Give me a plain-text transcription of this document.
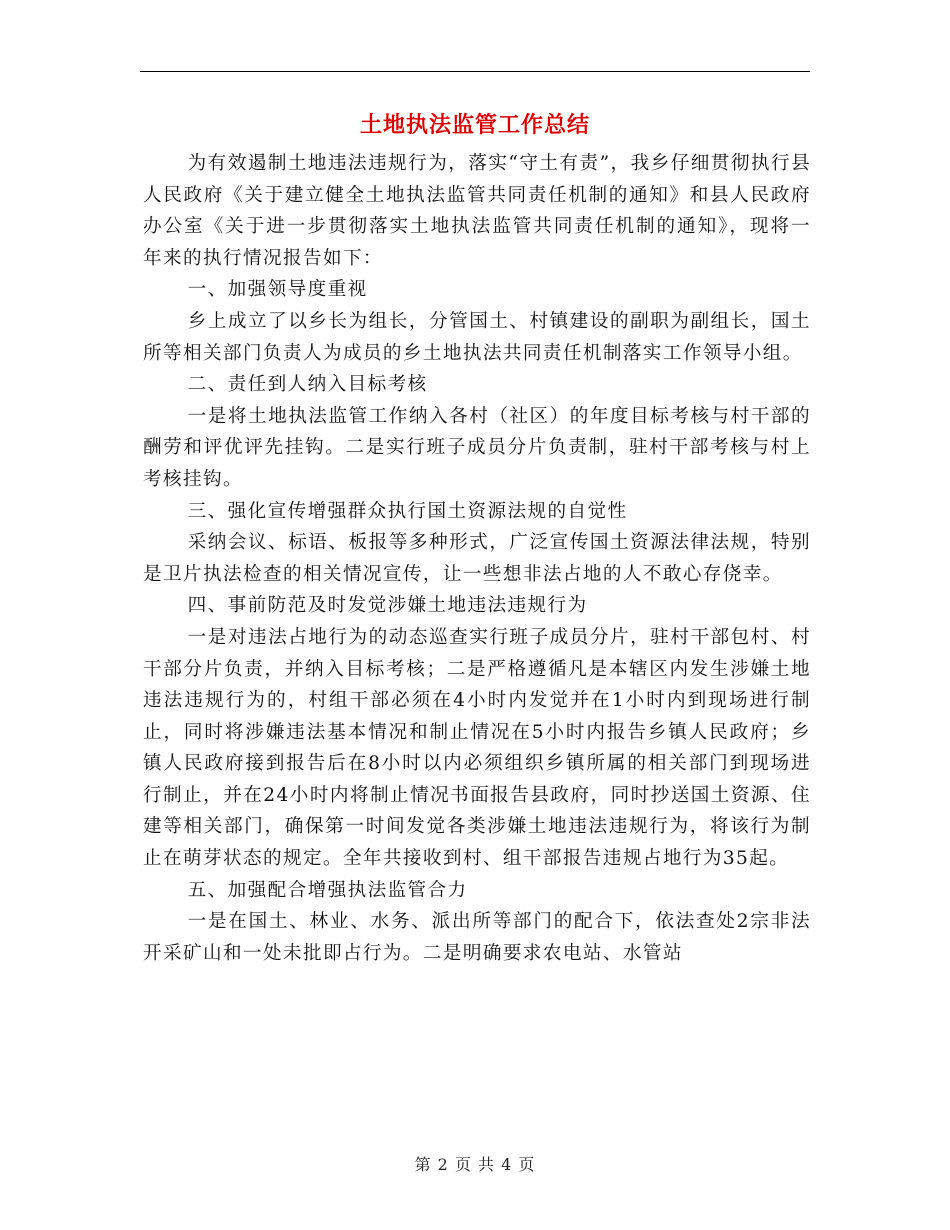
土地执法监管工作总结

为有效遏制土地违法违规行为，落实“守土有责”，我乡仔细贯彻执行县人民政府《关于建立健全土地执法监管共同责任机制的通知》和县人民政府办公室《关于进一步贯彻落实土地执法监管共同责任机制的通知》，现将一年来的执行情况报告如下：

一、加强领导度重视

乡上成立了以乡长为组长，分管国土、村镇建设的副职为副组长，国土所等相关部门负责人为成员的乡土地执法共同责任机制落实工作领导小组。

二、责任到人纳入目标考核

一是将土地执法监管工作纳入各村（社区）的年度目标考核与村干部的酬劳和评优评先挂钩。二是实行班子成员分片负责制，驻村干部考核与村上考核挂钩。

三、强化宣传增强群众执行国土资源法规的自觉性

采纳会议、标语、板报等多种形式，广泛宣传国土资源法律法规，特别是卫片执法检查的相关情况宣传，让一些想非法占地的人不敢心存侥幸。

四、事前防范及时发觉涉嫌土地违法违规行为

一是对违法占地行为的动态巡查实行班子成员分片，驻村干部包村、村干部分片负责，并纳入目标考核；二是严格遵循凡是本辖区内发生涉嫌土地违法违规行为的，村组干部必须在4小时内发觉并在1小时内到现场进行制止，同时将涉嫌违法基本情况和制止情况在5小时内报告乡镇人民政府；乡镇人民政府接到报告后在8小时以内必须组织乡镇所属的相关部门到现场进行制止，并在24小时内将制止情况书面报告县政府，同时抄送国土资源、住建等相关部门，确保第一时间发觉各类涉嫌土地违法违规行为，将该行为制止在萌芽状态的规定。全年共接收到村、组干部报告违规占地行为35起。

五、加强配合增强执法监管合力

一是在国土、林业、水务、派出所等部门的配合下，依法查处2宗非法开采矿山和一处未批即占行为。二是明确要求农电站、水管站

第 2 页 共 4 页
